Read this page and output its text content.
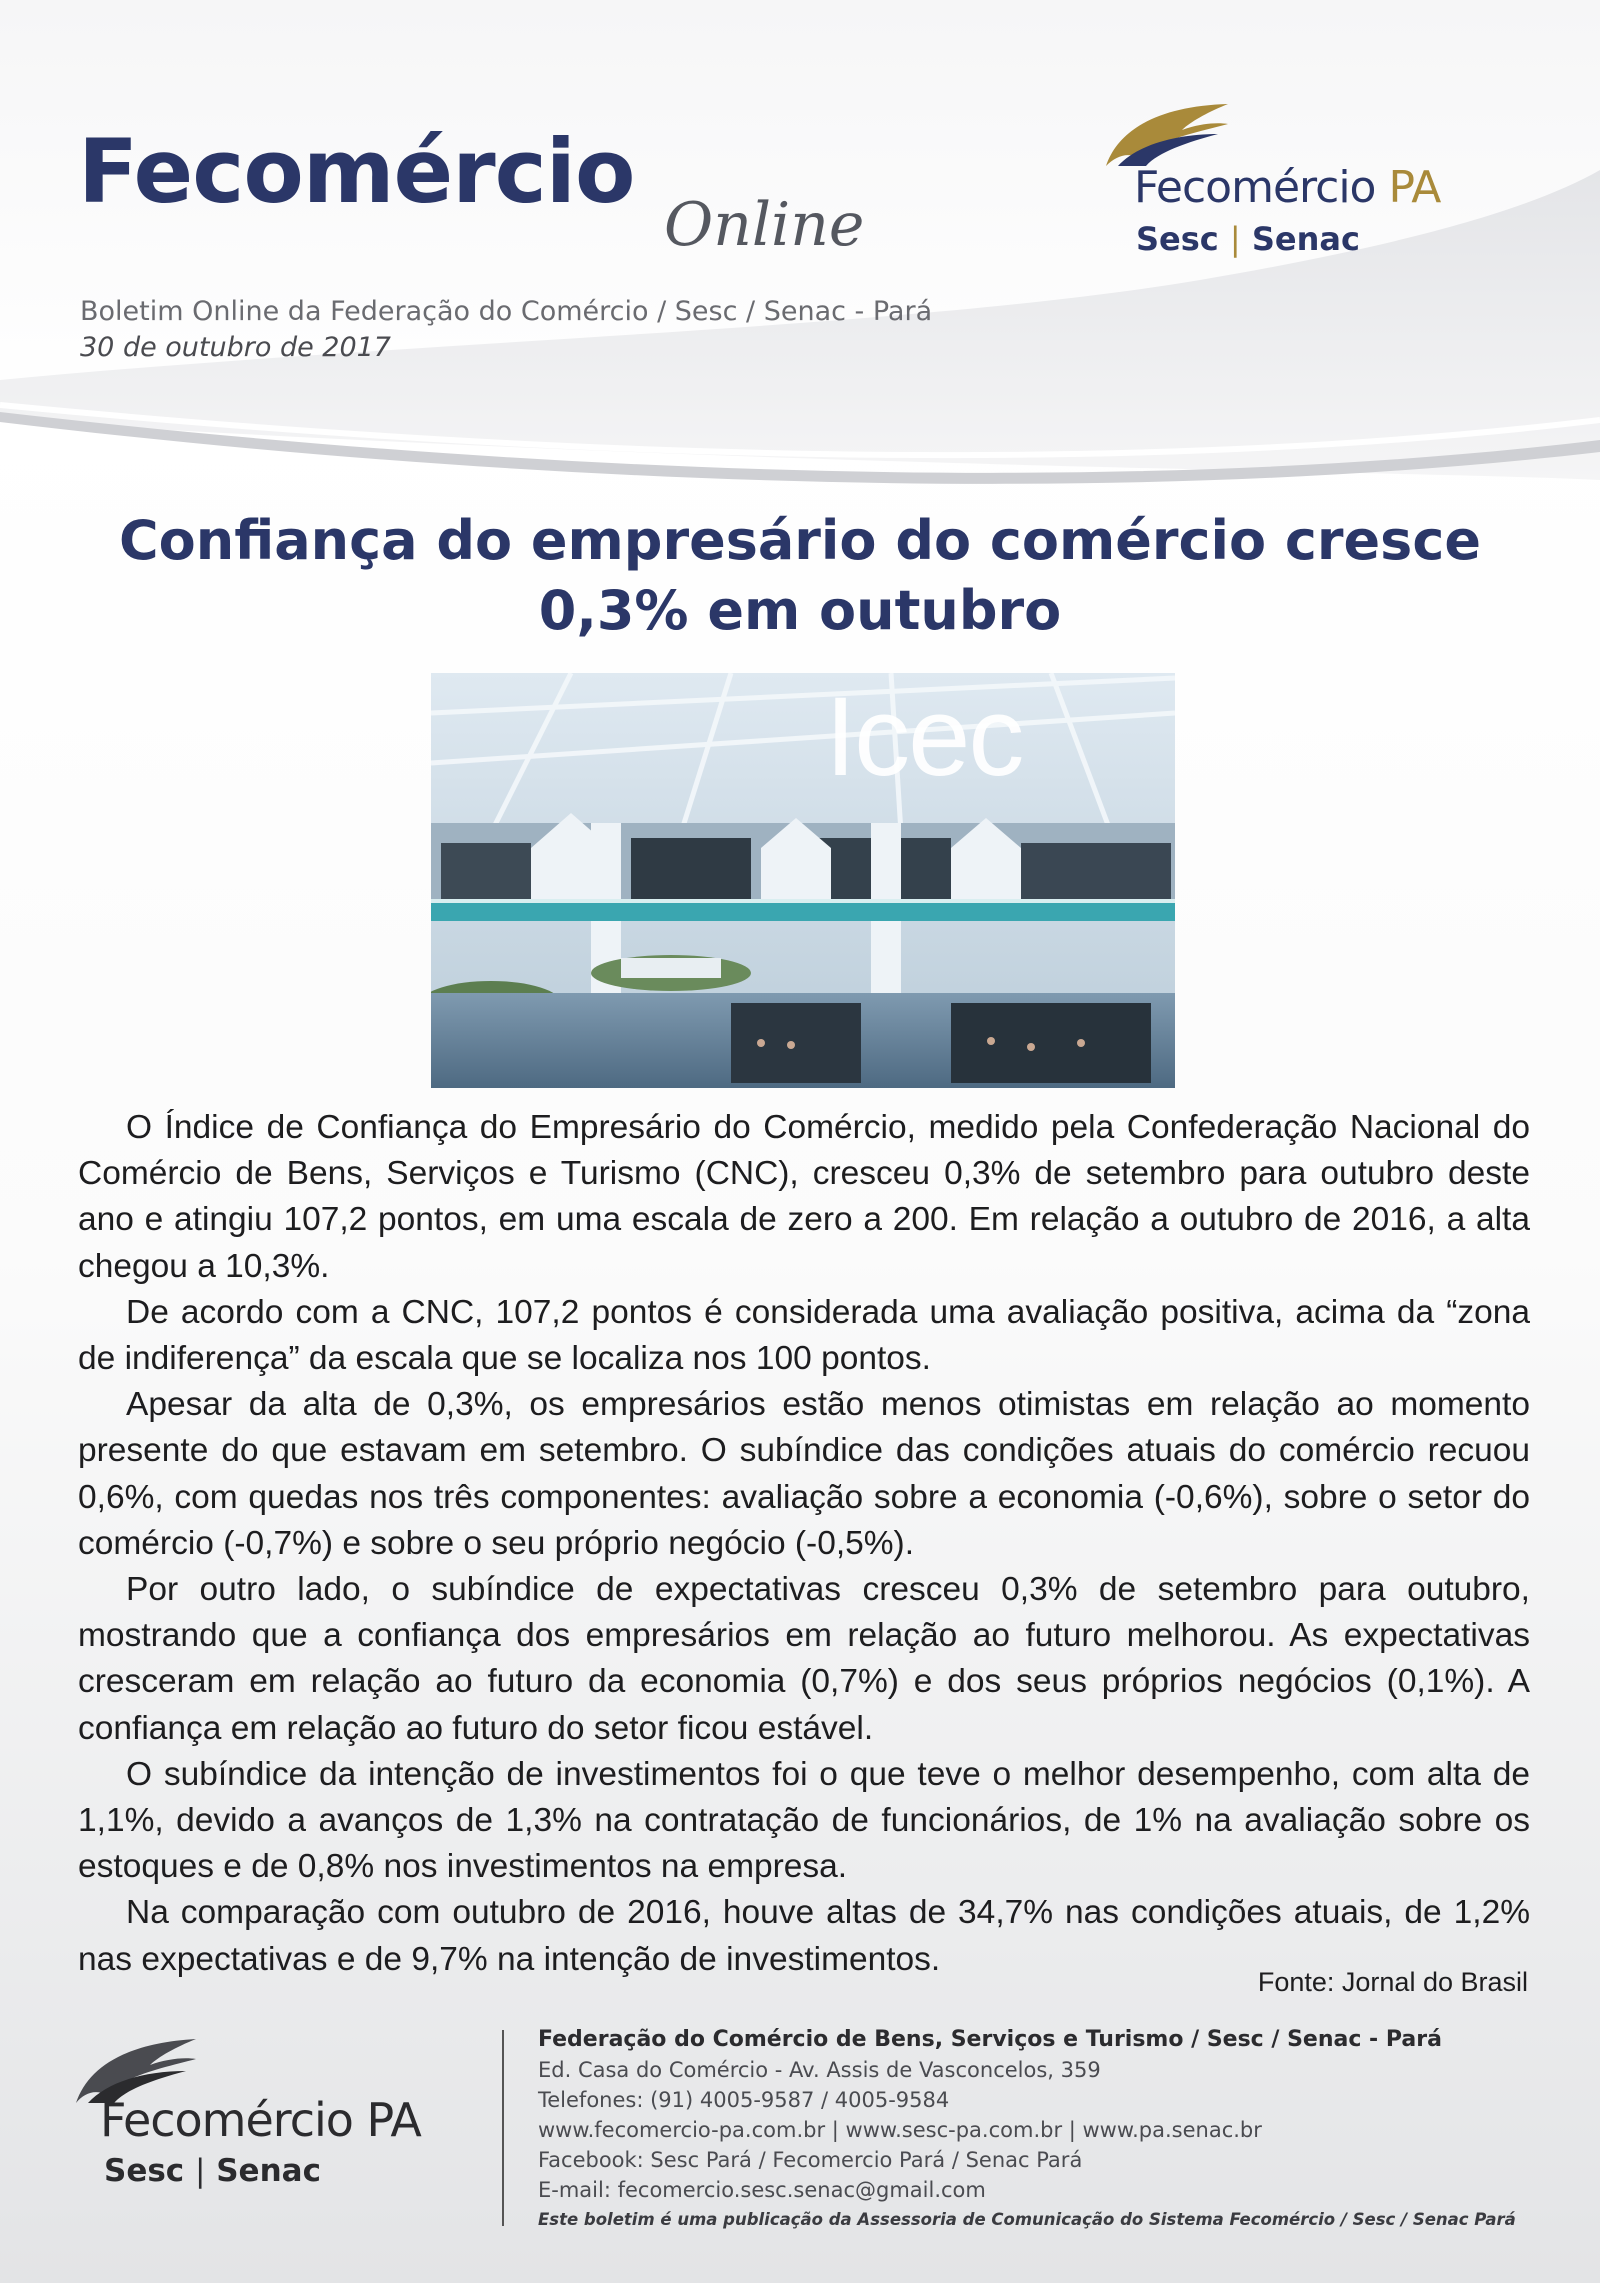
Fecomércio
Online
Boletim Online da Federação do Comércio / Sesc / Senac - Pará
30 de outubro de 2017
Fecomércio PA
Sesc | Senac
Confiança do empresário do comércio cresce
0,3% em outubro
Icec

O Índice de Confiança do Empresário do Comércio, medido pela Confederação Nacional do Comércio de Bens, Serviços e Turismo (CNC), cresceu 0,3% de setembro para outubro deste ano e atingiu 107,2 pontos, em uma escala de zero a 200. Em relação a outubro de 2016, a alta chegou a 10,3%.

De acordo com a CNC, 107,2 pontos é considerada uma avaliação positiva, acima da “zona de indiferença” da escala que se localiza nos 100 pontos.

Apesar da alta de 0,3%, os empresários estão menos otimistas em relação ao momento presente do que estavam em setembro. O subíndice das condições atuais do comércio recuou 0,6%, com quedas nos três componentes: avaliação sobre a economia (-0,6%), sobre o setor do comércio (-0,7%) e sobre o seu próprio negócio (-0,5%).

Por outro lado, o subíndice de expectativas cresceu 0,3% de setembro para outubro, mostrando que a confiança dos empresários em relação ao futuro melhorou. As expectativas cresceram em relação ao futuro da economia (0,7%) e dos seus próprios negócios (0,1%). A confiança em relação ao futuro do setor ficou estável.

O subíndice da intenção de investimentos foi o que teve o melhor desempenho, com alta de 1,1%, devido a avanços de 1,3% na contratação de funcionários, de 1% na avaliação sobre os estoques e de 0,8% nos investimentos na empresa.

Na comparação com outubro de 2016, houve altas de 34,7% nas condições atuais, de 1,2% nas expectativas e de 9,7% na intenção de investimentos.

Fonte: Jornal do Brasil
Fecomércio PA
Sesc | Senac
Federação do Comércio de Bens, Serviços e Turismo / Sesc / Senac - Pará
Ed. Casa do Comércio - Av. Assis de Vasconcelos, 359
Telefones: (91) 4005-9587 / 4005-9584
www.fecomercio-pa.com.br | www.sesc-pa.com.br | www.pa.senac.br
Facebook: Sesc Pará / Fecomercio Pará / Senac Pará
E-mail: fecomercio.sesc.senac@gmail.com
Este boletim é uma publicação da Assessoria de Comunicação do Sistema Fecomércio / Sesc / Senac Pará
